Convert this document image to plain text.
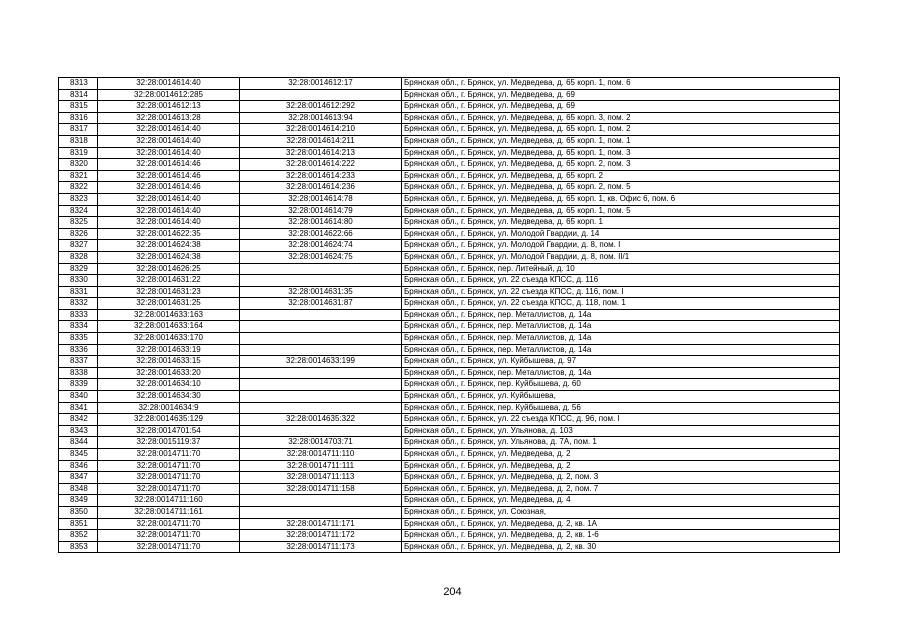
8313	32:28:0014614:40	32:28:0014612:17	Брянская обл., г. Брянск, ул. Медведева, д. 65 корп. 1, пом. 6
8314	32:28:0014612:285		Брянская обл., г. Брянск, ул. Медведева, д. 69
8315	32:28:0014612:13	32:28:0014612:292	Брянская обл., г. Брянск, ул. Медведева, д. 69
8316	32:28:0014613:28	32:28:0014613:94	Брянская обл., г. Брянск, ул. Медведева, д. 65 корп. 3, пом. 2
8317	32:28:0014614:40	32:28:0014614:210	Брянская обл., г. Брянск, ул. Медведева, д. 65 корп. 1, пом. 2
8318	32:28:0014614:40	32:28:0014614:211	Брянская обл., г. Брянск, ул. Медведева, д. 65 корп. 1, пом. 1
8319	32:28:0014614:40	32:28:0014614:213	Брянская обл., г. Брянск, ул. Медведева, д. 65 корп. 1, пом. 3
8320	32:28:0014614:46	32:28:0014614:222	Брянская обл., г. Брянск, ул. Медведева, д. 65 корп. 2, пом. 3
8321	32:28:0014614:46	32:28:0014614:233	Брянская обл., г. Брянск, ул. Медведева, д. 65 корп. 2
8322	32:28:0014614:46	32:28:0014614:236	Брянская обл., г. Брянск, ул. Медведева, д. 65 корп. 2, пом. 5
8323	32:28:0014614:40	32:28:0014614:78	Брянская обл., г. Брянск, ул. Медведева, д. 65 корп. 1, кв. Офис 6, пом. 6
8324	32:28:0014614:40	32:28:0014614:79	Брянская обл., г. Брянск, ул. Медведева, д. 65 корп. 1, пом. 5
8325	32:28:0014614:40	32:28:0014614:80	Брянская обл., г. Брянск, ул. Медведева, д. 65 корп. 1
8326	32:28:0014622:35	32:28:0014622:66	Брянская обл., г. Брянск, ул. Молодой Гвардии, д. 14
8327	32:28:0014624:38	32:28:0014624:74	Брянская обл., г. Брянск, ул. Молодой Гвардии, д. 8, пом. I
8328	32:28:0014624:38	32:28:0014624:75	Брянская обл., г. Брянск, ул. Молодой Гвардии, д. 8, пом. II/1
8329	32:28:0014626:25		Брянская обл., г. Брянск, пер. Литейный, д. 10
8330	32:28:0014631:22		Брянская обл., г. Брянск, ул. 22 съезда КПСС, д. 116
8331	32:28:0014631:23	32:28:0014631:35	Брянская обл., г. Брянск, ул. 22 съезда КПСС, д. 116, пом. I
8332	32:28:0014631:25	32:28:0014631:87	Брянская обл., г. Брянск, ул. 22 съезда КПСС, д. 118, пом. 1
8333	32:28:0014633:163		Брянская обл., г. Брянск, пер. Металлистов, д. 14а
8334	32:28:0014633:164		Брянская обл., г. Брянск, пер. Металлистов, д. 14а
8335	32:28:0014633:170		Брянская обл., г. Брянск, пер. Металлистов, д. 14а
8336	32:28:0014633:19		Брянская обл., г. Брянск, пер. Металлистов, д. 14а
8337	32:28:0014633:15	32:28:0014633:199	Брянская обл., г. Брянск, ул. Куйбышева, д. 97
8338	32:28:0014633:20		Брянская обл., г. Брянск, пер. Металлистов, д. 14а
8339	32:28:0014634:10		Брянская обл., г. Брянск, пер. Куйбышева, д. 60
8340	32:28:0014634:30		Брянская обл., г. Брянск, ул. Куйбышева,
8341	32:28:0014634:9		Брянская обл., г. Брянск, пер. Куйбышева, д. 56
8342	32:28:0014635:129	32:28:0014635:322	Брянская обл., г. Брянск, ул. 22 съезда КПСС, д. 96, пом. I
8343	32:28:0014701:54		Брянская обл., г. Брянск, ул. Ульянова, д. 103
8344	32:28:0015119:37	32:28:0014703:71	Брянская обл., г. Брянск, ул. Ульянова, д. 7А, пом. 1
8345	32:28:0014711:70	32:28:0014711:110	Брянская обл., г. Брянск, ул. Медведева, д. 2
8346	32:28:0014711:70	32:28:0014711:111	Брянская обл., г. Брянск, ул. Медведева, д. 2
8347	32:28:0014711:70	32:28:0014711:113	Брянская обл., г. Брянск, ул. Медведева, д. 2, пом. 3
8348	32:28:0014711:70	32:28:0014711:158	Брянская обл., г. Брянск, ул. Медведева, д. 2, пом. 7
8349	32:28:0014711:160		Брянская обл., г. Брянск, ул. Медведева, д. 4
8350	32:28:0014711:161		Брянская обл., г. Брянск, ул. Союзная,
8351	32:28:0014711:70	32:28:0014711:171	Брянская обл., г. Брянск, ул. Медведева, д. 2, кв. 1А
8352	32:28:0014711:70	32:28:0014711:172	Брянская обл., г. Брянск, ул. Медведева, д. 2, кв. 1-6
8353	32:28:0014711:70	32:28:0014711:173	Брянская обл., г. Брянск, ул. Медведева, д. 2, кв. 30
204
